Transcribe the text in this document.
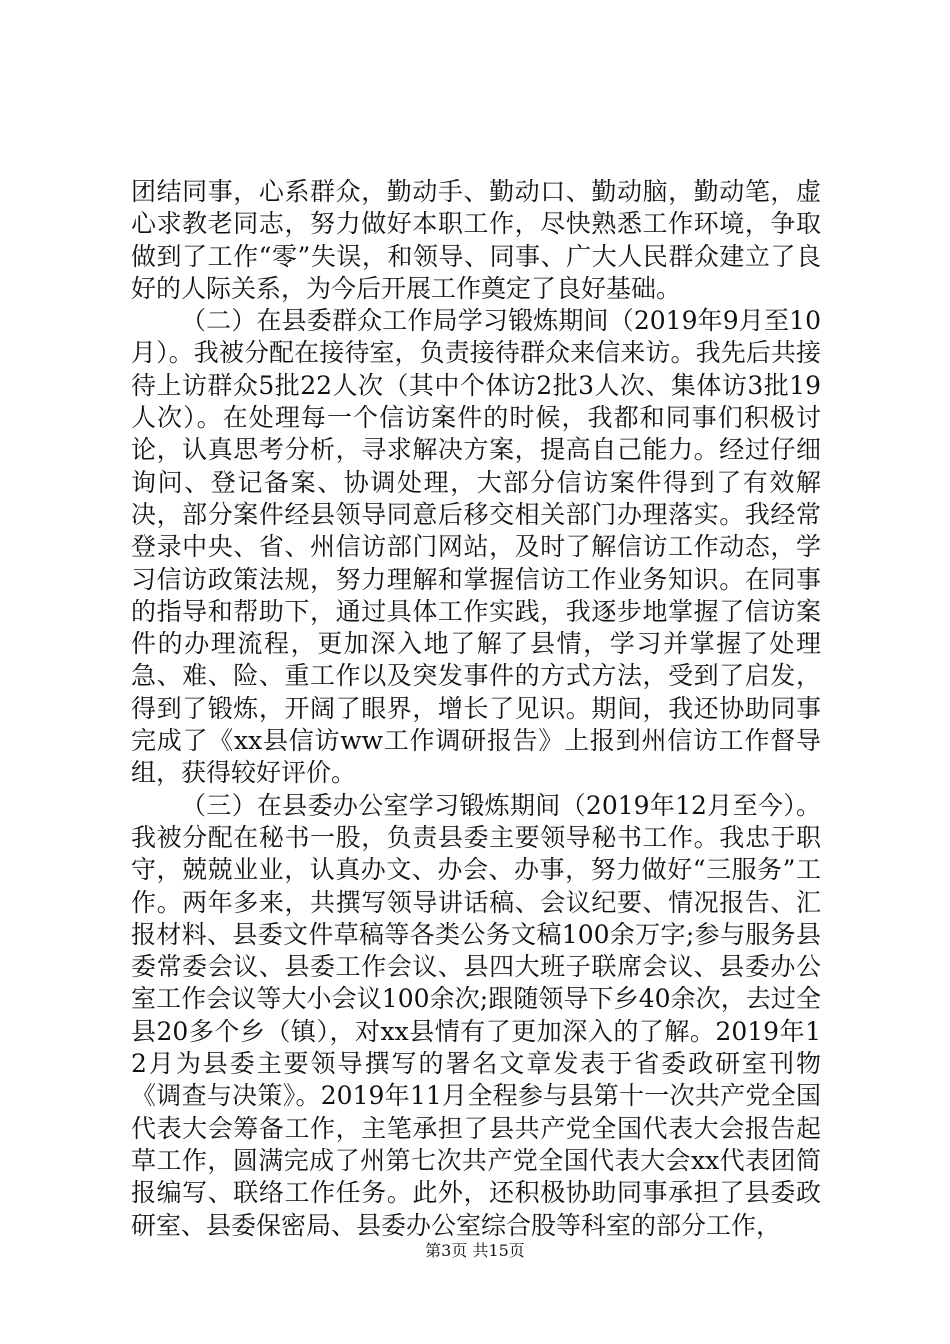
团结同事，心系群众，勤动手、勤动口、勤动脑，勤动笔，虚心求教老同志，努力做好本职工作，尽快熟悉工作环境，争取做到了工作“零”失误，和领导、同事、广大人民群众建立了良好的人际关系，为今后开展工作奠定了良好基础。

（二）在县委群众工作局学习锻炼期间（2019年9月至10月）。我被分配在接待室，负责接待群众来信来访。我先后共接待上访群众5批22人次（其中个体访2批3人次、集体访3批19人次）。在处理每一个信访案件的时候，我都和同事们积极讨论，认真思考分析，寻求解决方案，提高自己能力。经过仔细询问、登记备案、协调处理，大部分信访案件得到了有效解决，部分案件经县领导同意后移交相关部门办理落实。我经常登录中央、省、州信访部门网站，及时了解信访工作动态，学习信访政策法规，努力理解和掌握信访工作业务知识。在同事的指导和帮助下，通过具体工作实践，我逐步地掌握了信访案件的办理流程，更加深入地了解了县情，学习并掌握了处理急、难、险、重工作以及突发事件的方式方法，受到了启发，得到了锻炼，开阔了眼界，增长了见识。期间，我还协助同事完成了《xx县信访ww工作调研报告》上报到州信访工作督导组，获得较好评价。

（三）在县委办公室学习锻炼期间（2019年12月至今）。我被分配在秘书一股，负责县委主要领导秘书工作。我忠于职守，兢兢业业，认真办文、办会、办事，努力做好“三服务”工作。两年多来，共撰写领导讲话稿、会议纪要、情况报告、汇报材料、县委文件草稿等各类公务文稿100余万字;参与服务县委常委会议、县委工作会议、县四大班子联席会议、县委办公室工作会议等大小会议100余次;跟随领导下乡40余次，去过全县20多个乡（镇），对xx县情有了更加深入的了解。2019年12月为县委主要领导撰写的署名文章发表于省委政研室刊物《调查与决策》。2019年11月全程参与县第十一次共产党全国代表大会筹备工作，主笔承担了县共产党全国代表大会报告起草工作，圆满完成了州第七次共产党全国代表大会xx代表团简报编写、联络工作任务。此外，还积极协助同事承担了县委政研室、县委保密局、县委办公室综合股等科室的部分工作，

第3页 共15页
